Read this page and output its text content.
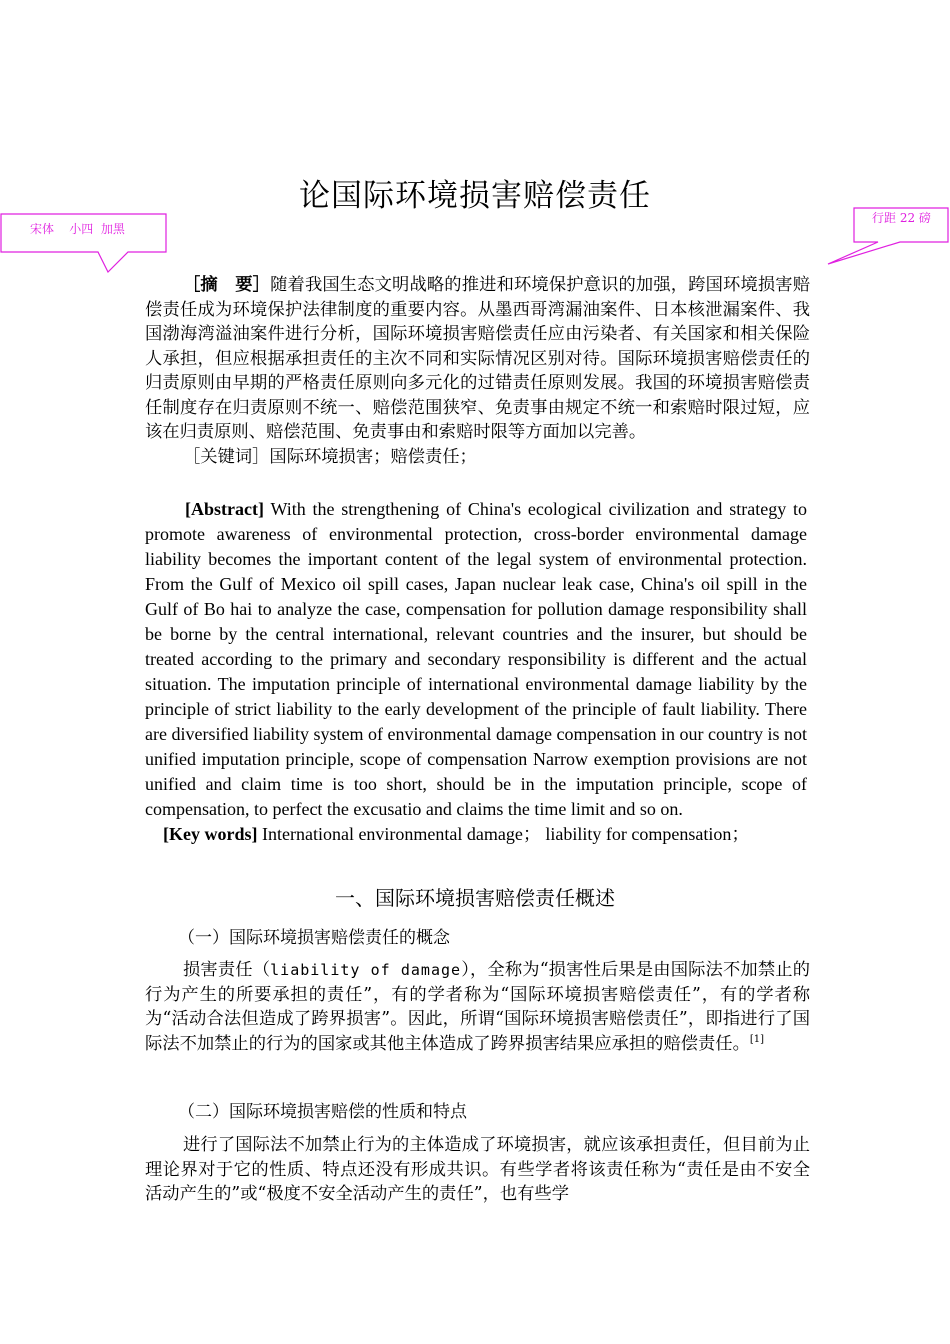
论国际环境损害赔偿责任
宋体    小四  加黑
行距 22 磅

［摘　要］随着我国生态文明战略的推进和环境保护意识的加强，跨国环境损害赔偿责任成为环境保护法律制度的重要内容。从墨西哥湾漏油案件、日本核泄漏案件、我国渤海湾溢油案件进行分析，国际环境损害赔偿责任应由污染者、有关国家和相关保险人承担，但应根据承担责任的主次不同和实际情况区别对待。国际环境损害赔偿责任的归责原则由早期的严格责任原则向多元化的过错责任原则发展。我国的环境损害赔偿责任制度存在归责原则不统一、赔偿范围狭窄、免责事由规定不统一和索赔时限过短，应该在归责原则、赔偿范围、免责事由和索赔时限等方面加以完善。

［关键词］国际环境损害；赔偿责任；

[Abstract] With the strengthening of China's ecological civilization and strategy to promote awareness of environmental protection, cross-border environmental damage liability becomes the important content of the legal system of environmental protection. From the Gulf of Mexico oil spill cases, Japan nuclear leak case, China's oil spill in the Gulf of Bo hai to analyze the case, compensation for pollution damage responsibility shall be borne by the central international, relevant countries and the insurer, but should be treated according to the primary and secondary responsibility is different and the actual situation. The imputation principle of international environmental damage liability by the principle of strict liability to the early development of the principle of fault liability. There are diversified liability system of environmental damage compensation in our country is not unified imputation principle, scope of compensation Narrow exemption provisions are not unified and claim time is too short, should be in the imputation principle, scope of compensation, to perfect the excusatio and claims the time limit and so on.

[Key words] International environmental damage； liability for compensation；

一、国际环境损害赔偿责任概述
（一）国际环境损害赔偿责任的概念

损害责任（liability of damage），全称为“损害性后果是由国际法不加禁止的行为产生的所要承担的责任”，有的学者称为“国际环境损害赔偿责任”，有的学者称为“活动合法但造成了跨界损害”。因此，所谓“国际环境损害赔偿责任”，即指进行了国际法不加禁止的行为的国家或其他主体造成了跨界损害结果应承担的赔偿责任。[1]

（二）国际环境损害赔偿的性质和特点

进行了国际法不加禁止行为的主体造成了环境损害，就应该承担责任，但目前为止理论界对于它的性质、特点还没有形成共识。有些学者将该责任称为“责任是由不安全活动产生的”或“极度不安全活动产生的责任”，也有些学
